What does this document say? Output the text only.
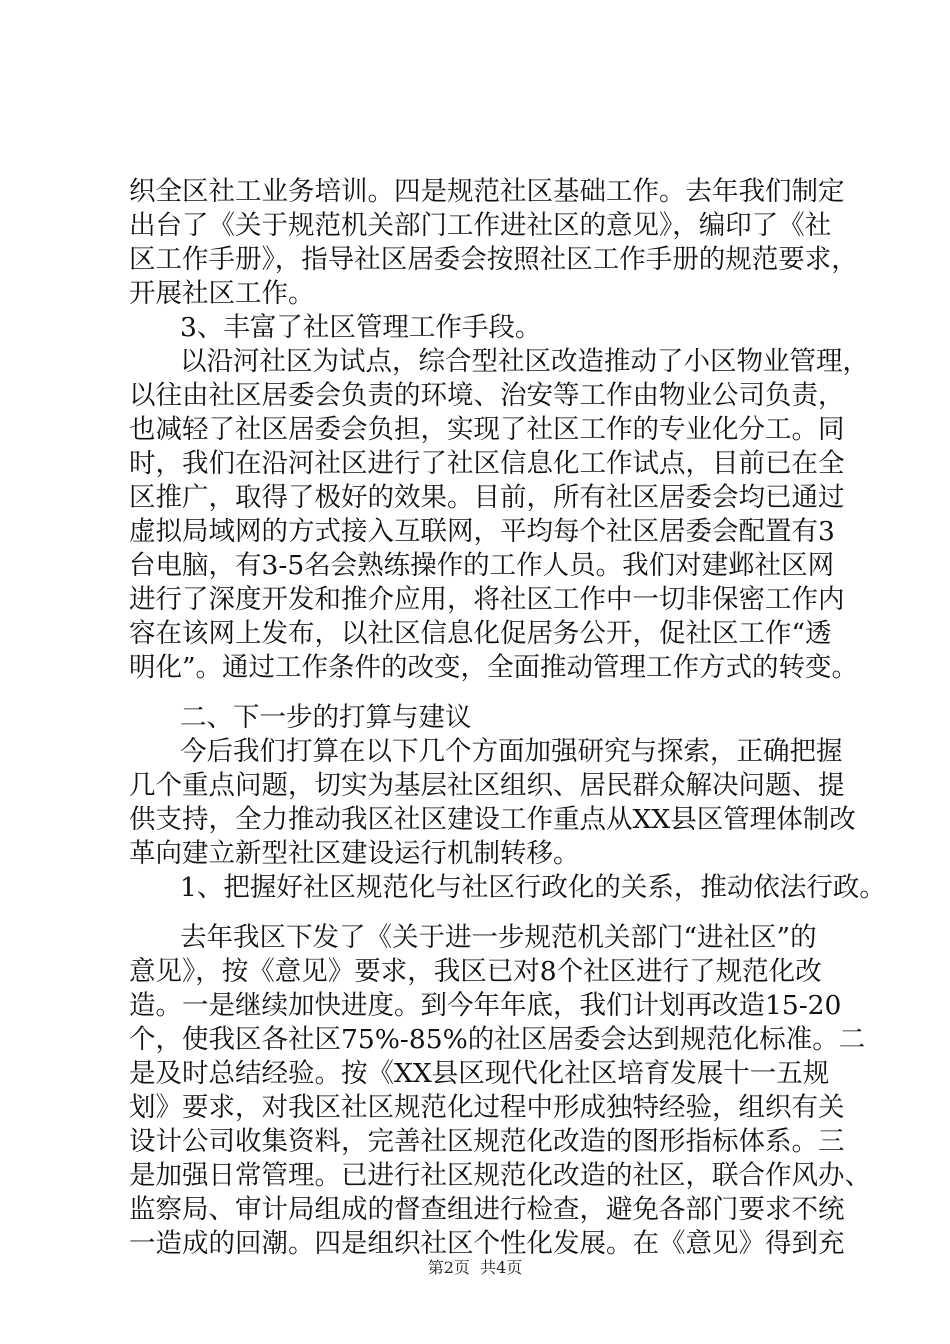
织全区社工业务培训。四是规范社区基础工作。去年我们制定

出台了《关于规范机关部门工作进社区的意见》，编印了《社

区工作手册》，指导社区居委会按照社区工作手册的规范要求，

开展社区工作。

3、丰富了社区管理工作手段。

以沿河社区为试点，综合型社区改造推动了小区物业管理，

以往由社区居委会负责的环境、治安等工作由物业公司负责，

也减轻了社区居委会负担，实现了社区工作的专业化分工。同

时，我们在沿河社区进行了社区信息化工作试点，目前已在全

区推广，取得了极好的效果。目前，所有社区居委会均已通过

虚拟局域网的方式接入互联网，平均每个社区居委会配置有3

台电脑，有3-5名会熟练操作的工作人员。我们对建邺社区网

进行了深度开发和推介应用，将社区工作中一切非保密工作内

容在该网上发布，以社区信息化促居务公开，促社区工作“透

明化”。通过工作条件的改变，全面推动管理工作方式的转变。

二、下一步的打算与建议

今后我们打算在以下几个方面加强研究与探索，正确把握

几个重点问题，切实为基层社区组织、居民群众解决问题、提

供支持，全力推动我区社区建设工作重点从XX县区管理体制改

革向建立新型社区建设运行机制转移。

1、把握好社区规范化与社区行政化的关系，推动依法行政。

去年我区下发了《关于进一步规范机关部门“进社区”的

意见》，按《意见》要求，我区已对8个社区进行了规范化改

造。一是继续加快进度。到今年年底，我们计划再改造15-20

个，使我区各社区75%-85%的社区居委会达到规范化标准。二

是及时总结经验。按《XX县区现代化社区培育发展十一五规

划》要求，对我区社区规范化过程中形成独特经验，组织有关

设计公司收集资料，完善社区规范化改造的图形指标体系。三

是加强日常管理。已进行社区规范化改造的社区，联合作风办、

监察局、审计局组成的督查组进行检查，避免各部门要求不统

一造成的回潮。四是组织社区个性化发展。在《意见》得到充

第2页  共4页
